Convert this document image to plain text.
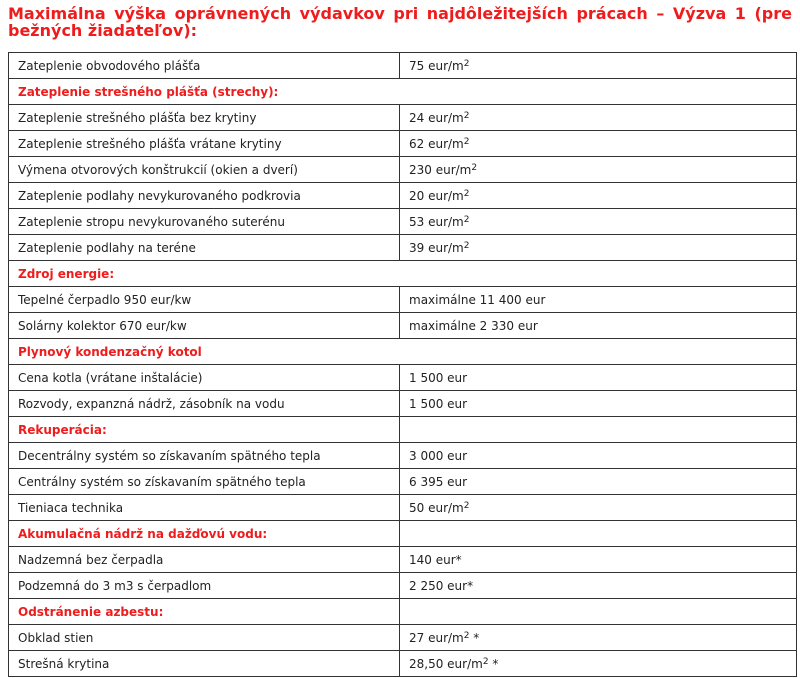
Maximálna výška oprávnených výdavkov pri najdôležitejších prácach – Výzva 1 (pre bežných žiadateľov):
Zateplenie obvodového plášťa	75 eur/$m^2$
Zateplenie strešného plášťa (strechy):	
Zateplenie strešného plášťa bez krytiny	24 eur/$m^2$
Zateplenie strešného plášťa vrátane krytiny	62 eur/$m^2$
Výmena otvorových konštrukcií (okien a dverí)	230 eur/$m^2$
Zateplenie podlahy nevykurovaného podkrovia	20 eur/$m^2$
Zateplenie stropu nevykurovaného suterénu	53 eur/$m^2$
Zateplenie podlahy na teréne	39 eur/$m^2$
Zdroj energie:	
Tepelné čerpadlo 950 eur/kw	maximálne 11 400 eur
Solárny kolektor 670 eur/kw	maximálne 2 330 eur
Plynový kondenzačný kotol	
Cena kotla (vrátane inštalácie)	1 500 eur
Rozvody, expanzná nádrž, zásobník na vodu	1 500 eur
Rekuperácia:	
Decentrálny systém so získavaním spätného tepla	3 000 eur
Centrálny systém so získavaním spätného tepla	6 395 eur
Tieniaca technika	50 eur/$m^2$
Akumulačná nádrž na dažďovú vodu:	
Nadzemná bez čerpadla	140 eur*
Podzemná do 3 m3 s čerpadlom	2 250 eur*
Odstránenie azbestu:	
Obklad stien	27 eur/$m^2$ *
Strešná krytina	28,50 eur/$m^2$ *
